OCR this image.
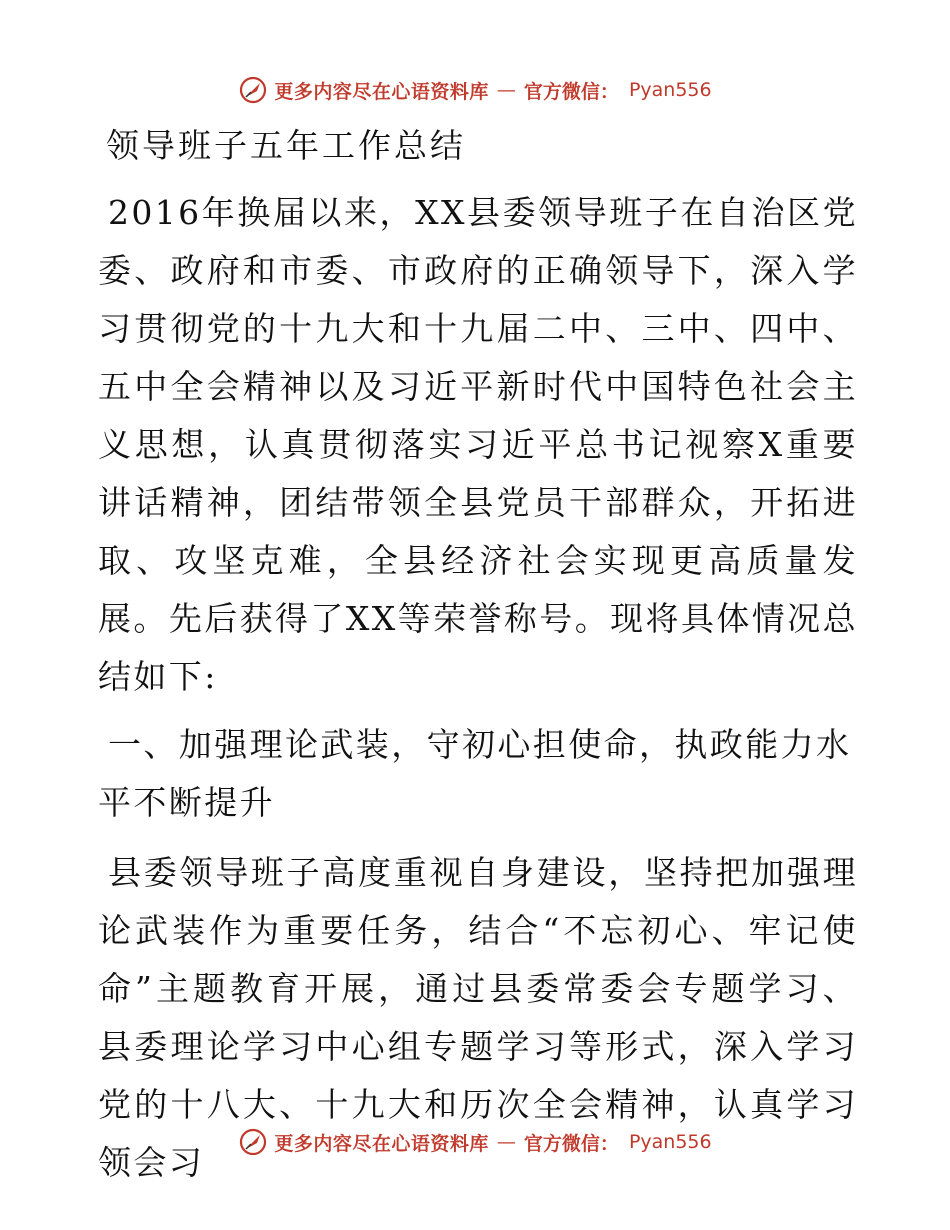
更多内容尽在心语资料库 — 官方微信： Pyan556
领导班子五年工作总结

2016年换届以来，XX县委领导班子在自治区党委、政府和市委、市政府的正确领导下，深入学习贯彻党的十九大和十九届二中、三中、四中、五中全会精神以及习近平新时代中国特色社会主义思想，认真贯彻落实习近平总书记视察X重要讲话精神，团结带领全县党员干部群众，开拓进取、攻坚克难，全县经济社会实现更高质量发展。先后获得了XX等荣誉称号。现将具体情况总结如下:

一、加强理论武装，守初心担使命，执政能力水平不断提升

县委领导班子高度重视自身建设，坚持把加强理论武装作为重要任务，结合“不忘初心、牢记使命”主题教育开展，通过县委常委会专题学习、县委理论学习中心组专题学习等形式，深入学习党的十八大、十九大和历次全会精神，认真学习领会习	更多内容尽在心语资料库 — 官方微信： Pyan556
